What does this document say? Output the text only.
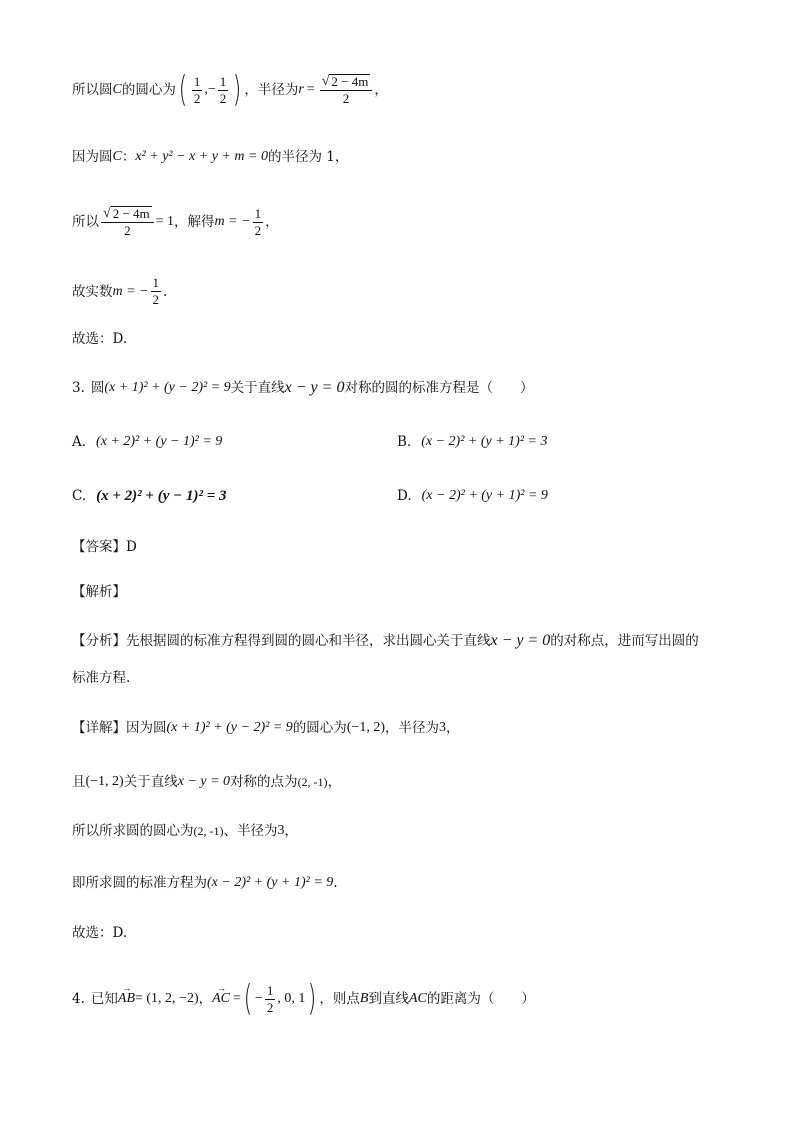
所以圆 C 的圆心为 ( $\frac{1}{2}$ ,− $\frac{1}{2}$ ) ，半径为 $r = \frac{√ 2 - 4m}{2}$ ，
因为圆 C ： x² + y² − x + y + m = 0 的半径为 1，
所以 $\frac{√ 2 - 4m}{2} = 1$ ，解得 m = − $\frac{1}{2}$ ，
故实数 m = − $\frac{1}{2}$ .
故选：D.
3. 圆 (x + 1)² + (y − 2)² = 9 关于直线 x − y = 0 对称的圆的标准方程是（　　）
A. (x + 2)² + (y − 1)² = 9	B. (x − 2)² + (y + 1)² = 3
C. (x + 2)² + (y − 1)² = 3	D. (x − 2)² + (y + 1)² = 9
【答案】 D
【解析】
【分析】 先根据圆的标准方程得到圆的圆心和半径，求出圆心关于直线 x − y = 0 的对称点，进而写出圆的
标准方程.
【详解】 因为圆 (x + 1)² + (y − 2)² = 9 的圆心为 (−1, 2) ，半径为 3 ，
且 (−1, 2) 关于直线 x − y = 0 对称的点为 (2, -1) ，
所以所求圆的圆心为 (2, -1) 、半径为 3 ，
即所求圆的标准方程为 (x − 2)² + (y + 1)² = 9 .
故选：D.
4. 已知 → AB = (1, 2, −2) ， → AC = ( − $\frac{1}{2}$ , 0, 1 ) ，则点 B 到直线 AC 的距离为（　　）
